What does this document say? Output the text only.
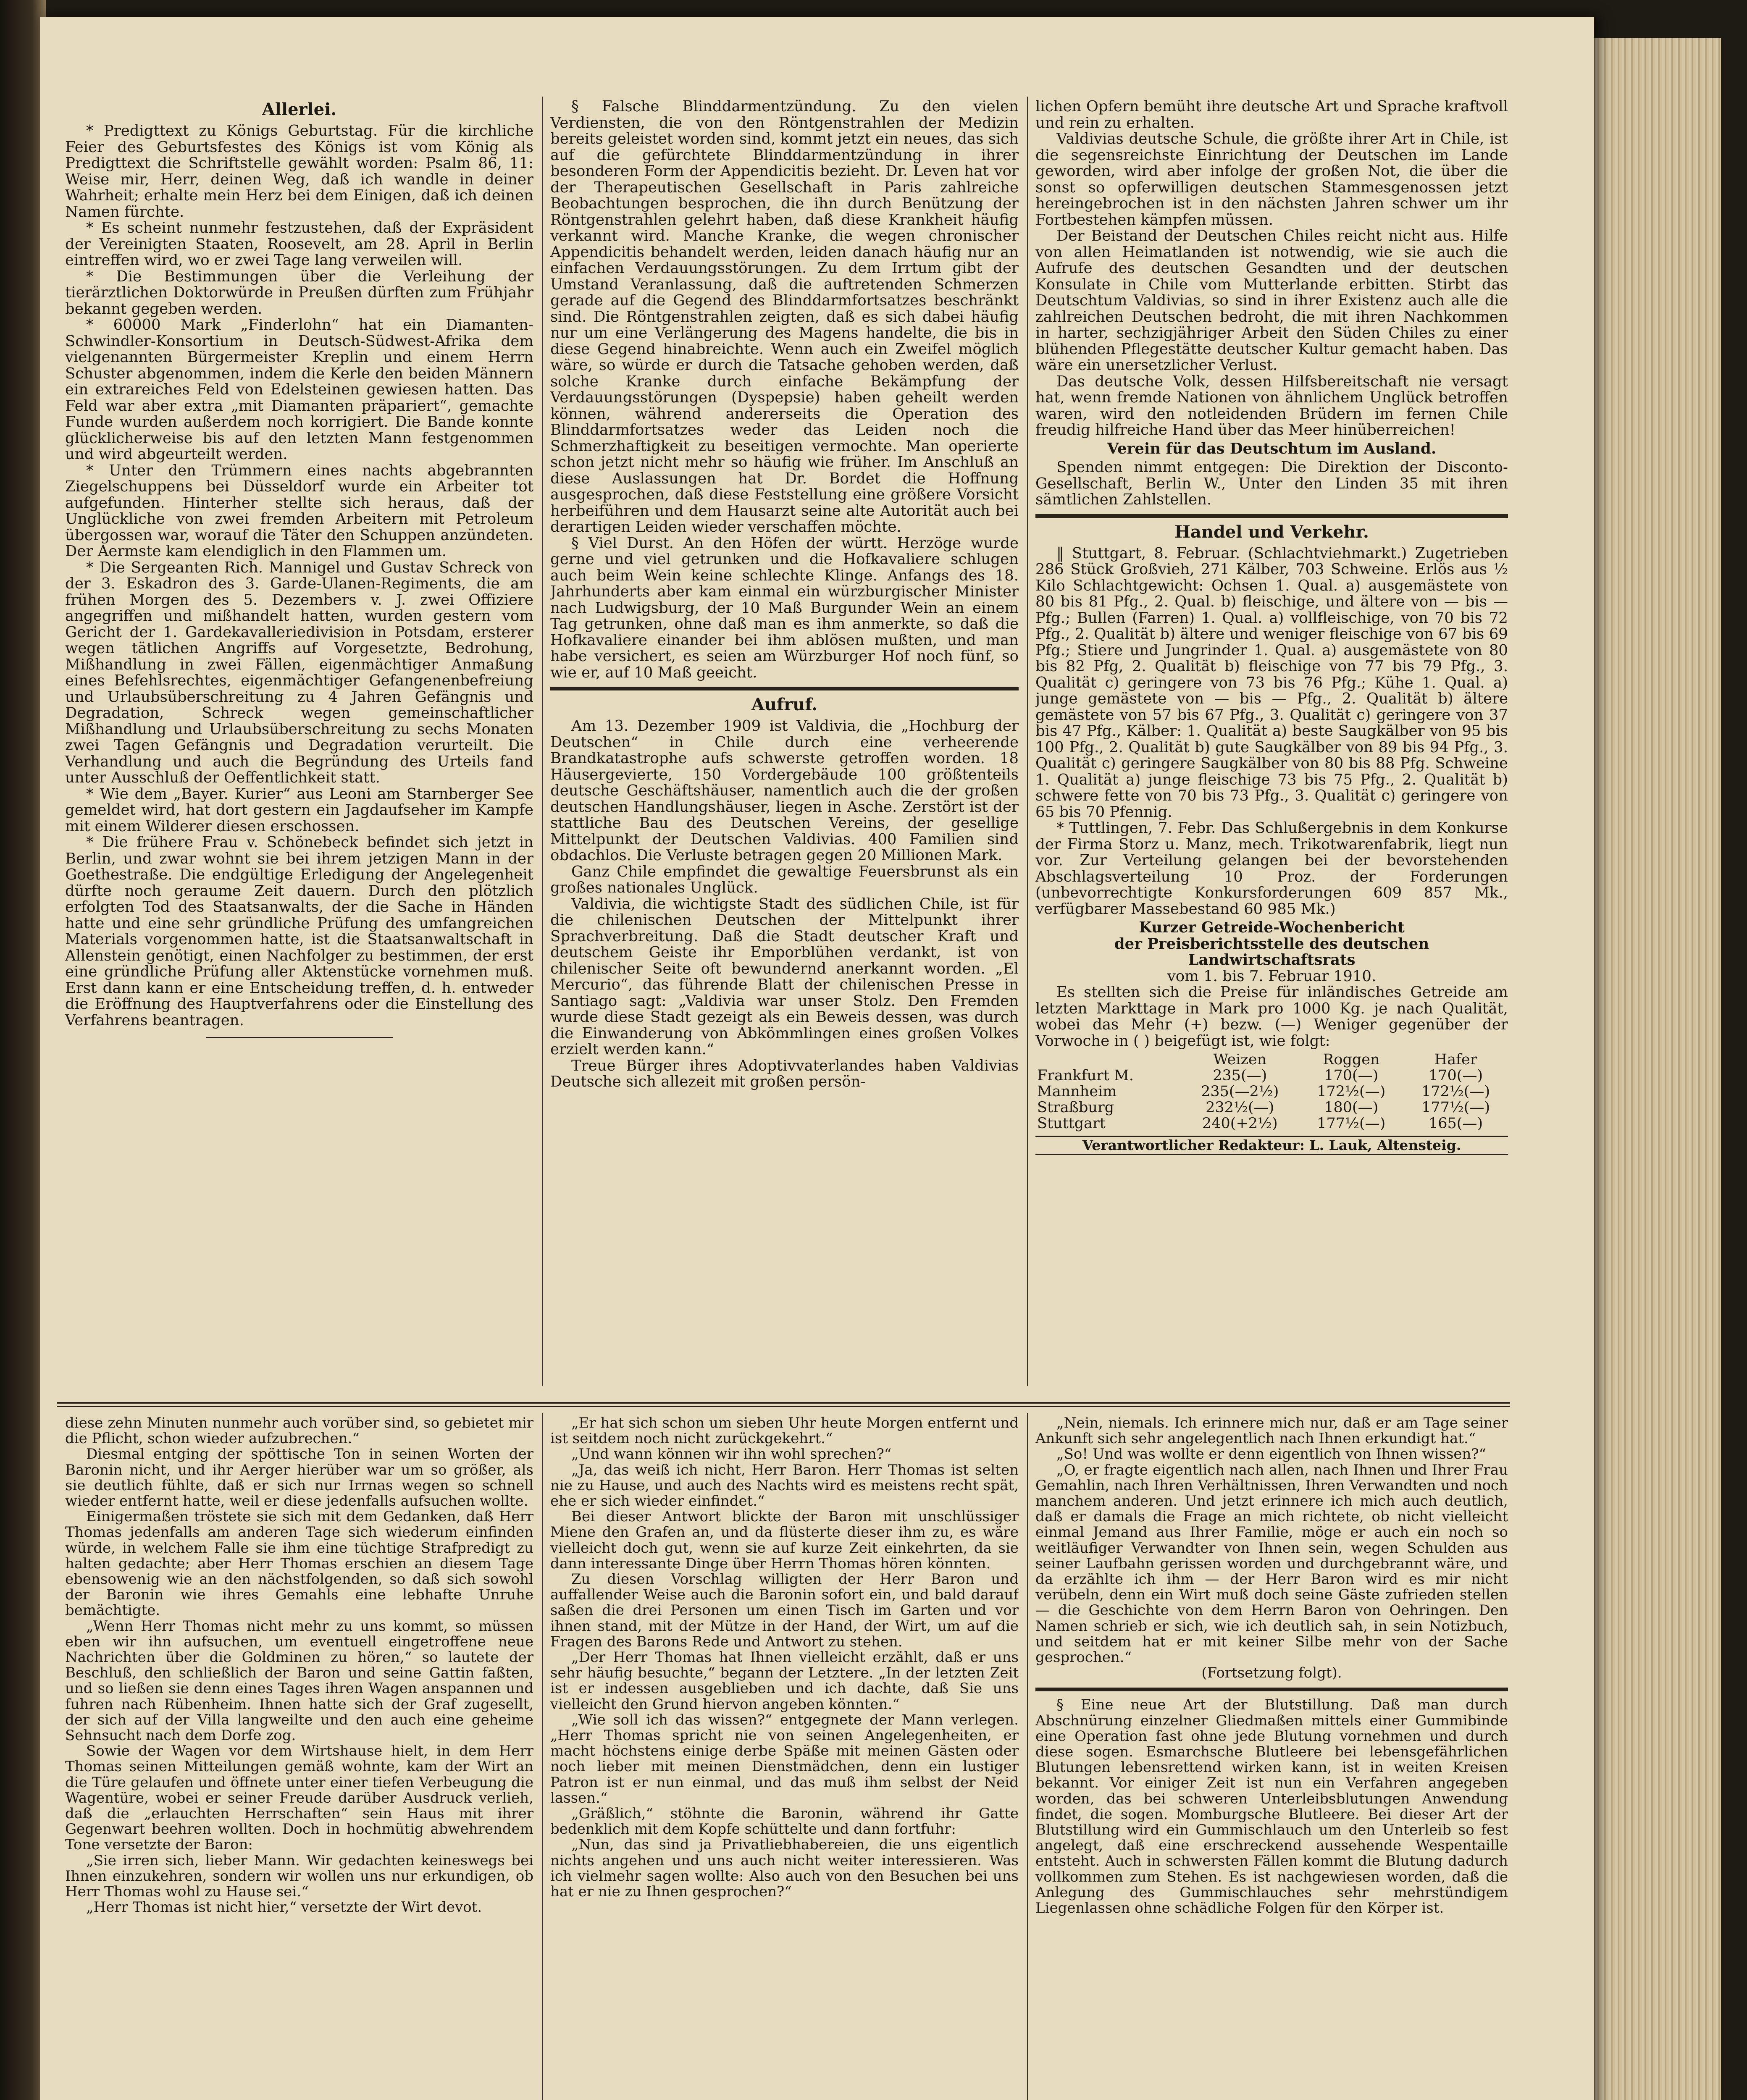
Allerlei.

* Predigttext zu Königs Geburtstag. Für die kirchliche Feier des Geburtsfestes des Königs ist vom König als Predigttext die Schriftstelle gewählt worden: Psalm 86, 11: Weise mir, Herr, deinen Weg, daß ich wandle in deiner Wahrheit; erhalte mein Herz bei dem Einigen, daß ich deinen Namen fürchte.

* Es scheint nunmehr festzustehen, daß der Expräsident der Vereinigten Staaten, Roosevelt, am 28. April in Berlin eintreffen wird, wo er zwei Tage lang verweilen will.

* Die Bestimmungen über die Verleihung der tierärztlichen Doktorwürde in Preußen dürften zum Frühjahr bekannt gegeben werden.

* 60000 Mark „Finderlohn“ hat ein Diamanten-Schwindler-Konsortium in Deutsch-Südwest-Afrika dem vielgenannten Bürgermeister Kreplin und einem Herrn Schuster abgenommen, indem die Kerle den beiden Männern ein extrareiches Feld von Edelsteinen gewiesen hatten. Das Feld war aber extra „mit Diamanten präpariert“, gemachte Funde wurden außerdem noch korrigiert. Die Bande konnte glücklicherweise bis auf den letzten Mann festgenommen und wird abgeurteilt werden.

* Unter den Trümmern eines nachts abgebrannten Ziegelschuppens bei Düsseldorf wurde ein Arbeiter tot aufgefunden. Hinterher stellte sich heraus, daß der Unglückliche von zwei fremden Arbeitern mit Petroleum übergossen war, worauf die Täter den Schuppen anzündeten. Der Aermste kam elendiglich in den Flammen um.

* Die Sergeanten Rich. Mannigel und Gustav Schreck von der 3. Eskadron des 3. Garde-Ulanen-Regiments, die am frühen Morgen des 5. Dezembers v. J. zwei Offiziere angegriffen und mißhandelt hatten, wurden gestern vom Gericht der 1. Gardekavalleriedivision in Potsdam, ersterer wegen tätlichen Angriffs auf Vorgesetzte, Bedrohung, Mißhandlung in zwei Fällen, eigenmächtiger Anmaßung eines Befehlsrechtes, eigenmächtiger Gefangenenbefreiung und Urlaubsüberschreitung zu 4 Jahren Gefängnis und Degradation, Schreck wegen gemeinschaftlicher Mißhandlung und Urlaubsüberschreitung zu sechs Monaten zwei Tagen Gefängnis und Degradation verurteilt. Die Verhandlung und auch die Begründung des Urteils fand unter Ausschluß der Oeffentlichkeit statt.

* Wie dem „Bayer. Kurier“ aus Leoni am Starnberger See gemeldet wird, hat dort gestern ein Jagdaufseher im Kampfe mit einem Wilderer diesen erschossen.

* Die frühere Frau v. Schönebeck befindet sich jetzt in Berlin, und zwar wohnt sie bei ihrem jetzigen Mann in der Goethestraße. Die endgültige Erledigung der Angelegenheit dürfte noch geraume Zeit dauern. Durch den plötzlich erfolgten Tod des Staatsanwalts, der die Sache in Händen hatte und eine sehr gründliche Prüfung des umfangreichen Materials vorgenommen hatte, ist die Staatsanwaltschaft in Allenstein genötigt, einen Nachfolger zu bestimmen, der erst eine gründliche Prüfung aller Aktenstücke vornehmen muß. Erst dann kann er eine Entscheidung treffen, d. h. entweder die Eröffnung des Hauptverfahrens oder die Einstellung des Verfahrens beantragen.

§ Falsche Blinddarmentzündung. Zu den vielen Verdiensten, die von den Röntgenstrahlen der Medizin bereits geleistet worden sind, kommt jetzt ein neues, das sich auf die gefürchtete Blinddarmentzündung in ihrer besonderen Form der Appendicitis bezieht. Dr. Leven hat vor der Therapeutischen Gesellschaft in Paris zahlreiche Beobachtungen besprochen, die ihn durch Benützung der Röntgenstrahlen gelehrt haben, daß diese Krankheit häufig verkannt wird. Manche Kranke, die wegen chronischer Appendicitis behandelt werden, leiden danach häufig nur an einfachen Verdauungsstörungen. Zu dem Irrtum gibt der Umstand Veranlassung, daß die auftretenden Schmerzen gerade auf die Gegend des Blinddarmfortsatzes beschränkt sind. Die Röntgenstrahlen zeigten, daß es sich dabei häufig nur um eine Verlängerung des Magens handelte, die bis in diese Gegend hinabreichte. Wenn auch ein Zweifel möglich wäre, so würde er durch die Tatsache gehoben werden, daß solche Kranke durch einfache Bekämpfung der Verdauungsstörungen (Dyspepsie) haben geheilt werden können, während andererseits die Operation des Blinddarmfortsatzes weder das Leiden noch die Schmerzhaftigkeit zu beseitigen vermochte. Man operierte schon jetzt nicht mehr so häufig wie früher. Im Anschluß an diese Auslassungen hat Dr. Bordet die Hoffnung ausgesprochen, daß diese Feststellung eine größere Vorsicht herbeiführen und dem Hausarzt seine alte Autorität auch bei derartigen Leiden wieder verschaffen möchte.

§ Viel Durst. An den Höfen der württ. Herzöge wurde gerne und viel getrunken und die Hofkavaliere schlugen auch beim Wein keine schlechte Klinge. Anfangs des 18. Jahrhunderts aber kam einmal ein würzburgischer Minister nach Ludwigsburg, der 10 Maß Burgunder Wein an einem Tag getrunken, ohne daß man es ihm anmerkte, so daß die Hofkavaliere einander bei ihm ablösen mußten, und man habe versichert, es seien am Würzburger Hof noch fünf, so wie er, auf 10 Maß geeicht.

Aufruf.

Am 13. Dezember 1909 ist Valdivia, die „Hochburg der Deutschen“ in Chile durch eine verheerende Brandkatastrophe aufs schwerste getroffen worden. 18 Häusergevierte, 150 Vordergebäude 100 größtenteils deutsche Geschäftshäuser, namentlich auch die der großen deutschen Handlungshäuser, liegen in Asche. Zerstört ist der stattliche Bau des Deutschen Vereins, der gesellige Mittelpunkt der Deutschen Valdivias. 400 Familien sind obdachlos. Die Verluste betragen gegen 20 Millionen Mark.

Ganz Chile empfindet die gewaltige Feuersbrunst als ein großes nationales Unglück.

Valdivia, die wichtigste Stadt des südlichen Chile, ist für die chilenischen Deutschen der Mittelpunkt ihrer Sprachverbreitung. Daß die Stadt deutscher Kraft und deutschem Geiste ihr Emporblühen verdankt, ist von chilenischer Seite oft bewundernd anerkannt worden. „El Mercurio“, das führende Blatt der chilenischen Presse in Santiago sagt: „Valdivia war unser Stolz. Den Fremden wurde diese Stadt gezeigt als ein Beweis dessen, was durch die Einwanderung von Abkömmlingen eines großen Volkes erzielt werden kann.“

Treue Bürger ihres Adoptivvaterlandes haben Valdivias Deutsche sich allezeit mit großen persön-

lichen Opfern bemüht ihre deutsche Art und Sprache kraftvoll und rein zu erhalten.

Valdivias deutsche Schule, die größte ihrer Art in Chile, ist die segensreichste Einrichtung der Deutschen im Lande geworden, wird aber infolge der großen Not, die über die sonst so opferwilligen deutschen Stammesgenossen jetzt hereingebrochen ist in den nächsten Jahren schwer um ihr Fortbestehen kämpfen müssen.

Der Beistand der Deutschen Chiles reicht nicht aus. Hilfe von allen Heimatlanden ist notwendig, wie sie auch die Aufrufe des deutschen Gesandten und der deutschen Konsulate in Chile vom Mutterlande erbitten. Stirbt das Deutschtum Valdivias, so sind in ihrer Existenz auch alle die zahlreichen Deutschen bedroht, die mit ihren Nachkommen in harter, sechzigjähriger Arbeit den Süden Chiles zu einer blühenden Pflegestätte deutscher Kultur gemacht haben. Das wäre ein unersetzlicher Verlust.

Das deutsche Volk, dessen Hilfsbereitschaft nie versagt hat, wenn fremde Nationen von ähnlichem Unglück betroffen waren, wird den notleidenden Brüdern im fernen Chile freudig hilfreiche Hand über das Meer hinüberreichen!

Verein für das Deutschtum im Ausland.

Spenden nimmt entgegen: Die Direktion der Disconto-Gesellschaft, Berlin W., Unter den Linden 35 mit ihren sämtlichen Zahlstellen.

Handel und Verkehr.

‖ Stuttgart, 8. Februar. (Schlachtviehmarkt.) Zugetrieben 286 Stück Großvieh, 271 Kälber, 703 Schweine. Erlös aus ½ Kilo Schlachtgewicht: Ochsen 1. Qual. a) ausgemästete von 80 bis 81 Pfg., 2. Qual. b) fleischige, und ältere von — bis — Pfg.; Bullen (Farren) 1. Qual. a) vollfleischige, von 70 bis 72 Pfg., 2. Qualität b) ältere und weniger fleischige von 67 bis 69 Pfg.; Stiere und Jungrinder 1. Qual. a) ausgemästete von 80 bis 82 Pfg, 2. Qualität b) fleischige von 77 bis 79 Pfg., 3. Qualität c) geringere von 73 bis 76 Pfg.; Kühe 1. Qual. a) junge gemästete von — bis — Pfg., 2. Qualität b) ältere gemästete von 57 bis 67 Pfg., 3. Qualität c) geringere von 37 bis 47 Pfg., Kälber: 1. Qualität a) beste Saugkälber von 95 bis 100 Pfg., 2. Qualität b) gute Saugkälber von 89 bis 94 Pfg., 3. Qualität c) geringere Saugkälber von 80 bis 88 Pfg. Schweine 1. Qualität a) junge fleischige 73 bis 75 Pfg., 2. Qualität b) schwere fette von 70 bis 73 Pfg., 3. Qualität c) geringere von 65 bis 70 Pfennig.

* Tuttlingen, 7. Febr. Das Schlußergebnis in dem Konkurse der Firma Storz u. Manz, mech. Trikotwarenfabrik, liegt nun vor. Zur Verteilung gelangen bei der bevorstehenden Abschlagsverteilung 10 Proz. der Forderungen (unbevorrechtigte Konkursforderungen 609 857 Mk., verfügbarer Massebestand 60 985 Mk.)

Kurzer Getreide-Wochenbericht

der Preisberichtsstelle des deutschen Landwirtschaftsrats

vom 1. bis 7. Februar 1910.

Es stellten sich die Preise für inländisches Getreide am letzten Markttage in Mark pro 1000 Kg. je nach Qualität, wobei das Mehr (+) bezw. (—) Weniger gegenüber der Vorwoche in ( ) beigefügt ist, wie folgt:

	Weizen	Roggen	Hafer
Frankfurt M.	235(—)	170(—)	170(—)
Mannheim	235(—2½)	172½(—)	172½(—)
Straßburg	232½(—)	180(—)	177½(—)
Stuttgart	240(+2½)	177½(—)	165(—)
Verantwortlicher Redakteur: L. Lauk, Altensteig.

diese zehn Minuten nunmehr auch vorüber sind, so gebietet mir die Pflicht, schon wieder aufzubrechen.“

Diesmal entging der spöttische Ton in seinen Worten der Baronin nicht, und ihr Aerger hierüber war um so größer, als sie deutlich fühlte, daß er sich nur Irrnas wegen so schnell wieder entfernt hatte, weil er diese jedenfalls aufsuchen wollte.

Einigermaßen tröstete sie sich mit dem Gedanken, daß Herr Thomas jedenfalls am anderen Tage sich wiederum einfinden würde, in welchem Falle sie ihm eine tüchtige Strafpredigt zu halten gedachte; aber Herr Thomas erschien an diesem Tage ebensowenig wie an den nächstfolgenden, so daß sich sowohl der Baronin wie ihres Gemahls eine lebhafte Unruhe bemächtigte.

„Wenn Herr Thomas nicht mehr zu uns kommt, so müssen eben wir ihn aufsuchen, um eventuell eingetroffene neue Nachrichten über die Goldminen zu hören,“ so lautete der Beschluß, den schließlich der Baron und seine Gattin faßten, und so ließen sie denn eines Tages ihren Wagen anspannen und fuhren nach Rübenheim. Ihnen hatte sich der Graf zugesellt, der sich auf der Villa langweilte und den auch eine geheime Sehnsucht nach dem Dorfe zog.

Sowie der Wagen vor dem Wirtshause hielt, in dem Herr Thomas seinen Mitteilungen gemäß wohnte, kam der Wirt an die Türe gelaufen und öffnete unter einer tiefen Verbeugung die Wagentüre, wobei er seiner Freude darüber Ausdruck verlieh, daß die „erlauchten Herrschaften“ sein Haus mit ihrer Gegenwart beehren wollten. Doch in hochmütig abwehrendem Tone versetzte der Baron:

„Sie irren sich, lieber Mann. Wir gedachten keineswegs bei Ihnen einzukehren, sondern wir wollen uns nur erkundigen, ob Herr Thomas wohl zu Hause sei.“

„Herr Thomas ist nicht hier,“ versetzte der Wirt devot.

„Er hat sich schon um sieben Uhr heute Morgen entfernt und ist seitdem noch nicht zurückgekehrt.“

„Und wann können wir ihn wohl sprechen?“

„Ja, das weiß ich nicht, Herr Baron. Herr Thomas ist selten nie zu Hause, und auch des Nachts wird es meistens recht spät, ehe er sich wieder einfindet.“

Bei dieser Antwort blickte der Baron mit unschlüssiger Miene den Grafen an, und da flüsterte dieser ihm zu, es wäre vielleicht doch gut, wenn sie auf kurze Zeit einkehrten, da sie dann interessante Dinge über Herrn Thomas hören könnten.

Zu diesen Vorschlag willigten der Herr Baron und auffallender Weise auch die Baronin sofort ein, und bald darauf saßen die drei Personen um einen Tisch im Garten und vor ihnen stand, mit der Mütze in der Hand, der Wirt, um auf die Fragen des Barons Rede und Antwort zu stehen.

„Der Herr Thomas hat Ihnen vielleicht erzählt, daß er uns sehr häufig besuchte,“ begann der Letztere. „In der letzten Zeit ist er indessen ausgeblieben und ich dachte, daß Sie uns vielleicht den Grund hiervon angeben könnten.“

„Wie soll ich das wissen?“ entgegnete der Mann verlegen. „Herr Thomas spricht nie von seinen Angelegenheiten, er macht höchstens einige derbe Späße mit meinen Gästen oder noch lieber mit meinen Dienstmädchen, denn ein lustiger Patron ist er nun einmal, und das muß ihm selbst der Neid lassen.“

„Gräßlich,“ stöhnte die Baronin, während ihr Gatte bedenklich mit dem Kopfe schüttelte und dann fortfuhr:

„Nun, das sind ja Privatliebhabereien, die uns eigentlich nichts angehen und uns auch nicht weiter interessieren. Was ich vielmehr sagen wollte: Also auch von den Besuchen bei uns hat er nie zu Ihnen gesprochen?“

„Nein, niemals. Ich erinnere mich nur, daß er am Tage seiner Ankunft sich sehr angelegentlich nach Ihnen erkundigt hat.“

„So! Und was wollte er denn eigentlich von Ihnen wissen?“

„O, er fragte eigentlich nach allen, nach Ihnen und Ihrer Frau Gemahlin, nach Ihren Verhältnissen, Ihren Verwandten und noch manchem anderen. Und jetzt erinnere ich mich auch deutlich, daß er damals die Frage an mich richtete, ob nicht vielleicht einmal Jemand aus Ihrer Familie, möge er auch ein noch so weitläufiger Verwandter von Ihnen sein, wegen Schulden aus seiner Laufbahn gerissen worden und durchgebrannt wäre, und da erzählte ich ihm — der Herr Baron wird es mir nicht verübeln, denn ein Wirt muß doch seine Gäste zufrieden stellen — die Geschichte von dem Herrn Baron von Oehringen. Den Namen schrieb er sich, wie ich deutlich sah, in sein Notizbuch, und seitdem hat er mit keiner Silbe mehr von der Sache gesprochen.“

(Fortsetzung folgt).

§ Eine neue Art der Blutstillung. Daß man durch Abschnürung einzelner Gliedmaßen mittels einer Gummibinde eine Operation fast ohne jede Blutung vornehmen und durch diese sogen. Esmarchsche Blutleere bei lebensgefährlichen Blutungen lebensrettend wirken kann, ist in weiten Kreisen bekannt. Vor einiger Zeit ist nun ein Verfahren angegeben worden, das bei schweren Unterleibsblutungen Anwendung findet, die sogen. Momburgsche Blutleere. Bei dieser Art der Blutstillung wird ein Gummischlauch um den Unterleib so fest angelegt, daß eine erschreckend aussehende Wespentaille entsteht. Auch in schwersten Fällen kommt die Blutung dadurch vollkommen zum Stehen. Es ist nachgewiesen worden, daß die Anlegung des Gummischlauches sehr mehrstündigem Liegenlassen ohne schädliche Folgen für den Körper ist.
